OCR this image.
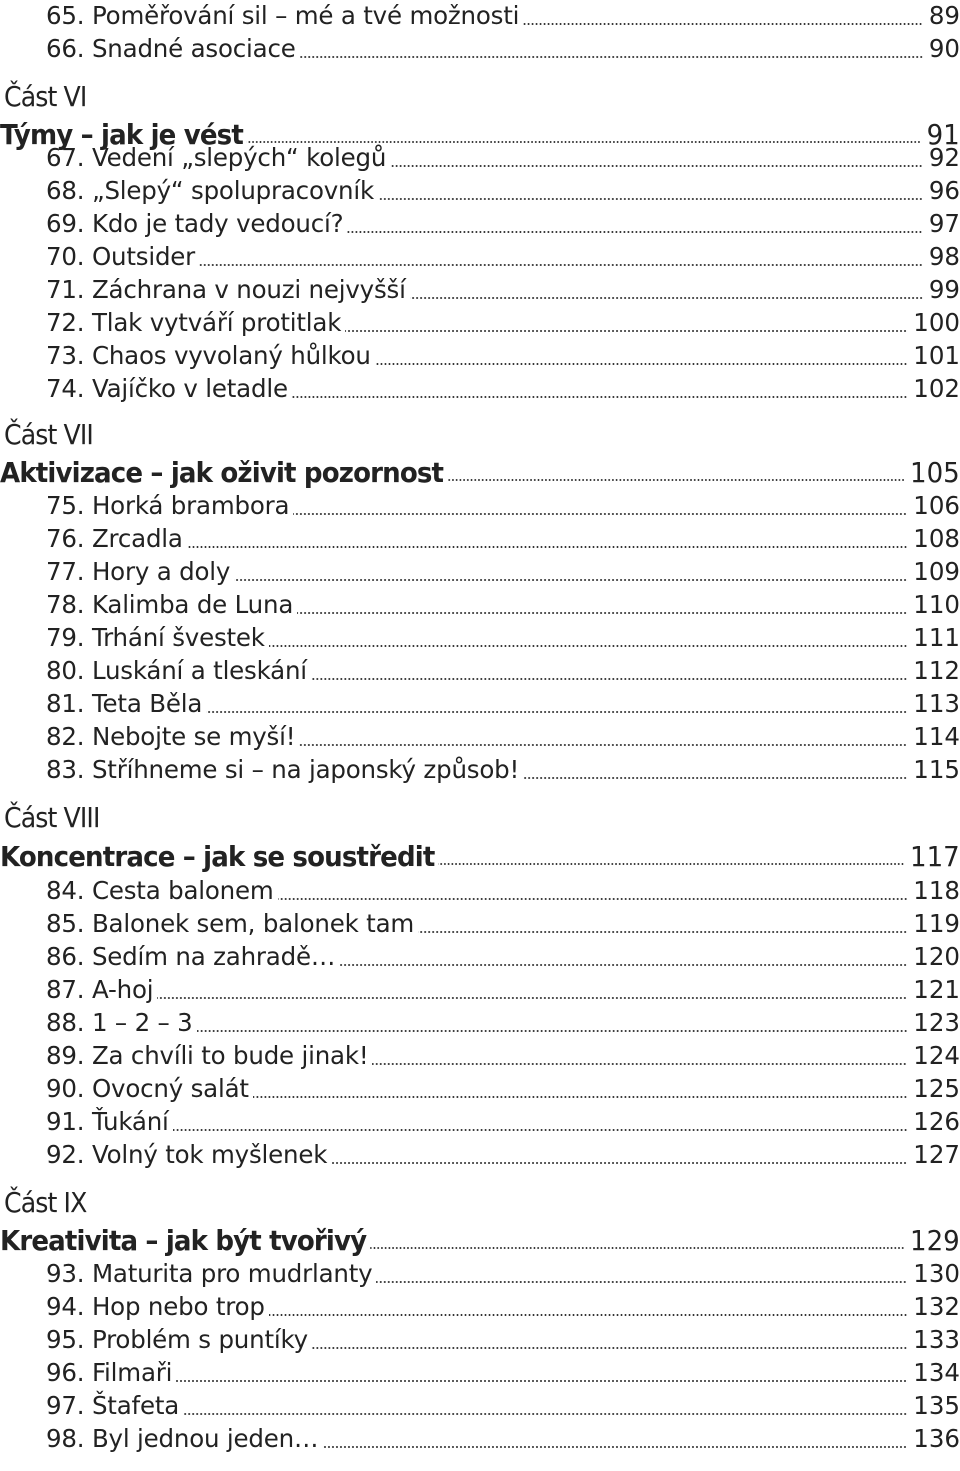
65. Poměřování sil – mé a tvé možnosti	89
66. Snadné asociace	90
Část VI
Týmy – jak je vést	91
67. Vedení „slepých“ kolegů	92
68. „Slepý“ spolupracovník	96
69. Kdo je tady vedoucí?	97
70. Outsider	98
71. Záchrana v nouzi nejvyšší	99
72. Tlak vytváří protitlak	100
73. Chaos vyvolaný hůlkou	101
74. Vajíčko v letadle	102
Část VII
Aktivizace – jak oživit pozornost	105
75. Horká brambora	106
76. Zrcadla	108
77. Hory a doly	109
78. Kalimba de Luna	110
79. Trhání švestek	111
80. Luskání a tleskání	112
81. Teta Běla	113
82. Nebojte se myší!	114
83. Stříhneme si – na japonský způsob!	115
Část VIII
Koncentrace – jak se soustředit	117
84. Cesta balonem	118
85. Balonek sem, balonek tam	119
86. Sedím na zahradě…	120
87. A-hoj	121
88. 1 – 2 – 3	123
89. Za chvíli to bude jinak!	124
90. Ovocný salát	125
91. Ťukání	126
92. Volný tok myšlenek	127
Část IX
Kreativita – jak být tvořivý	129
93. Maturita pro mudrlanty	130
94. Hop nebo trop	132
95. Problém s puntíky	133
96. Filmaři	134
97. Štafeta	135
98. Byl jednou jeden…	136
